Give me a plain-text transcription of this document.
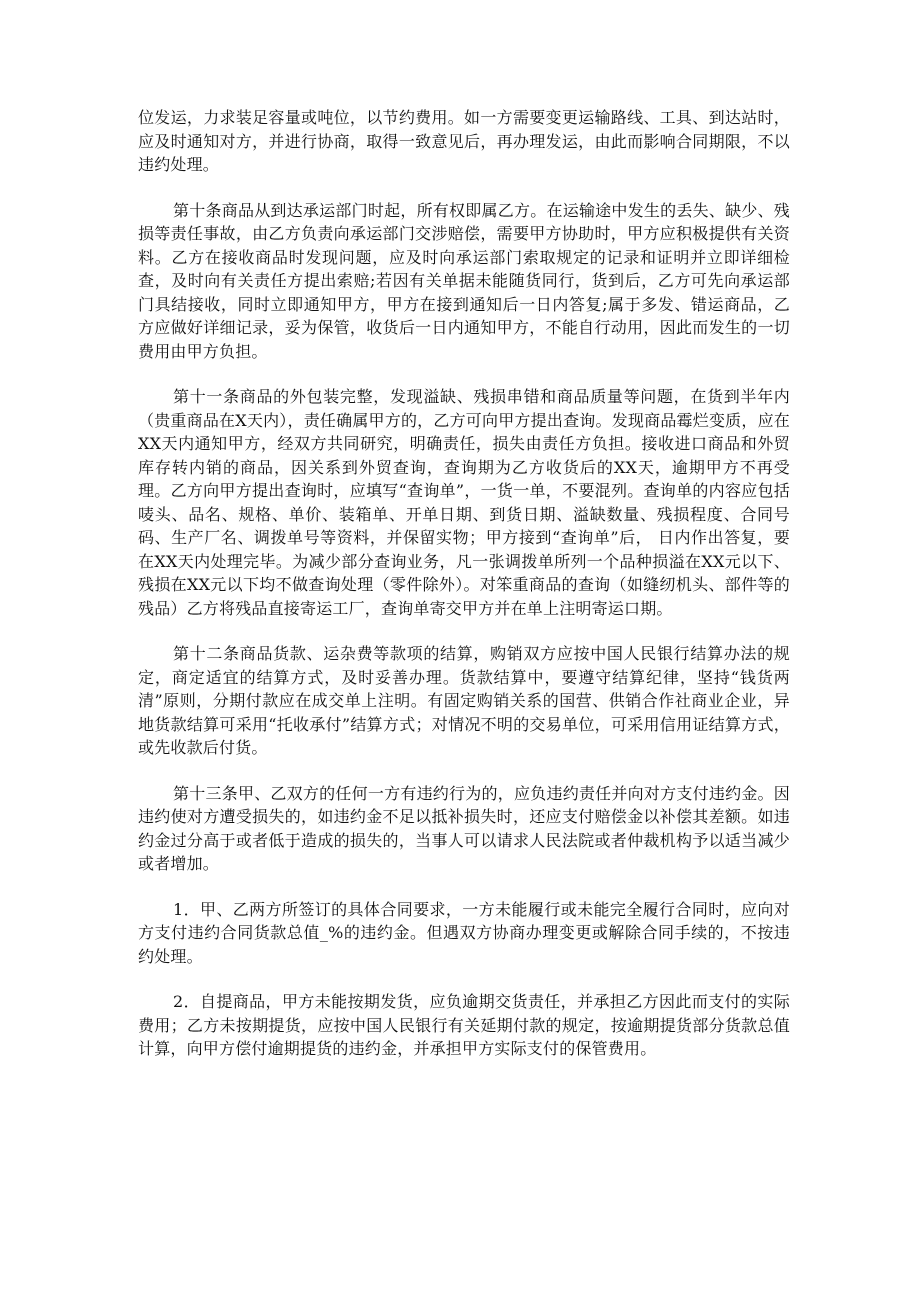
位发运，力求装足容量或吨位，以节约费用。如一方需要变更运输路线、工具、到达站时，应及时通知对方，并进行协商，取得一致意见后，再办理发运，由此而影响合同期限，不以违约处理。

第十条商品从到达承运部门时起，所有权即属乙方。在运输途中发生的丢失、缺少、残损等责任事故，由乙方负责向承运部门交涉赔偿，需要甲方协助时，甲方应积极提供有关资料。乙方在接收商品时发现问题，应及时向承运部门索取规定的记录和证明并立即详细检查，及时向有关责任方提出索赔;若因有关单据未能随货同行，货到后，乙方可先向承运部门具结接收，同时立即通知甲方，甲方在接到通知后一日内答复;属于多发、错运商品，乙方应做好详细记录，妥为保管，收货后一日内通知甲方，不能自行动用，因此而发生的一切费用由甲方负担。

第十一条商品的外包装完整，发现溢缺、残损串错和商品质量等问题，在货到半年内（贵重商品在X天内），责任确属甲方的，乙方可向甲方提出查询。发现商品霉烂变质，应在XX天内通知甲方，经双方共同研究，明确责任，损失由责任方负担。接收进口商品和外贸库存转内销的商品，因关系到外贸查询，查询期为乙方收货后的XX天，逾期甲方不再受理。乙方向甲方提出查询时，应填写“查询单”，一货一单，不要混列。查询单的内容应包括唛头、品名、规格、单价、装箱单、开单日期、到货日期、溢缺数量、残损程度、合同号码、生产厂名、调拨单号等资料，并保留实物；甲方接到“查询单”后， 日内作出答复，要在XX天内处理完毕。为减少部分查询业务，凡一张调拨单所列一个品种损溢在XX元以下、残损在XX元以下均不做查询处理（零件除外）。对笨重商品的查询（如缝纫机头、部件等的残品）乙方将残品直接寄运工厂，查询单寄交甲方并在单上注明寄运口期。

第十二条商品货款、运杂费等款项的结算，购销双方应按中国人民银行结算办法的规定，商定适宜的结算方式，及时妥善办理。货款结算中，要遵守结算纪律，坚持“钱货两清”原则，分期付款应在成交单上注明。有固定购销关系的国营、供销合作社商业企业，异地货款结算可采用“托收承付”结算方式；对情况不明的交易单位，可采用信用证结算方式，或先收款后付货。

第十三条甲、乙双方的任何一方有违约行为的，应负违约责任并向对方支付违约金。因违约使对方遭受损失的，如违约金不足以抵补损失时，还应支付赔偿金以补偿其差额。如违约金过分高于或者低于造成的损失的，当事人可以请求人民法院或者仲裁机构予以适当减少或者增加。

1．甲、乙两方所签订的具体合同要求，一方未能履行或未能完全履行合同时，应向对方支付违约合同货款总值_%的违约金。但遇双方协商办理变更或解除合同手续的，不按违约处理。

2．自提商品，甲方未能按期发货，应负逾期交货责任，并承担乙方因此而支付的实际费用；乙方未按期提货，应按中国人民银行有关延期付款的规定，按逾期提货部分货款总值计算，向甲方偿付逾期提货的违约金，并承担甲方实际支付的保管费用。
